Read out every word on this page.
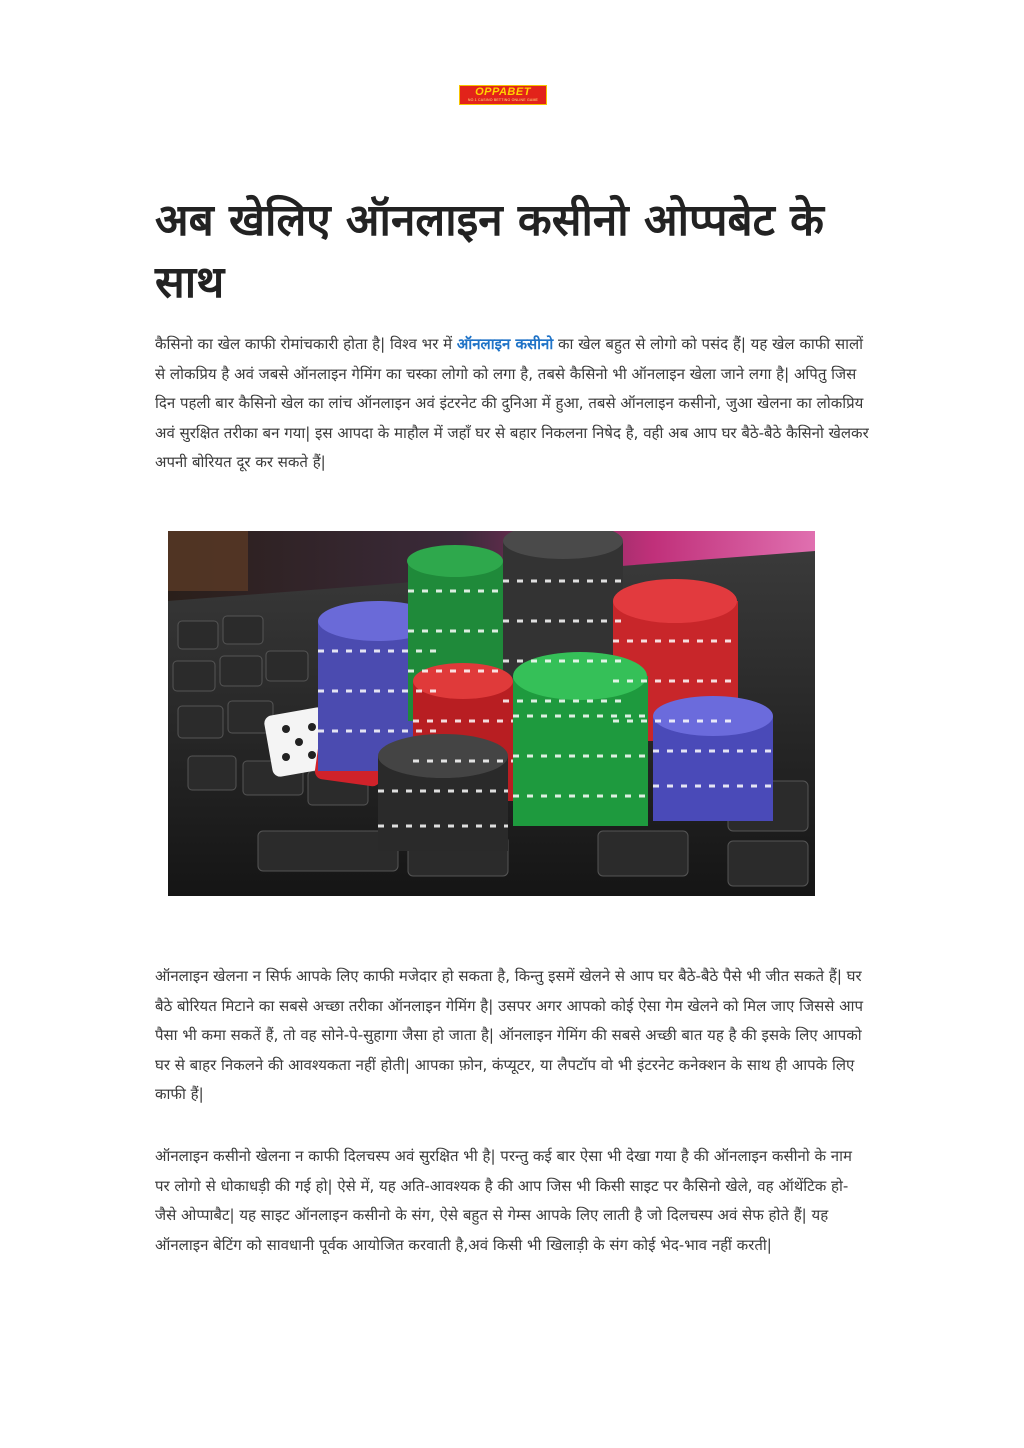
OPPABET
NO.1 CASINO BETTING ONLINE GAME
अब खेलिए ऑनलाइन कसीनो ओप्पबेट के साथ

कैसिनो का खेल काफी रोमांचकारी होता है| विश्व भर में ऑनलाइन कसीनो का खेल बहुत से लोगो को पसंद हैं| यह खेल काफी सालों से लोकप्रिय है अवं जबसे ऑनलाइन गेमिंग का चस्का लोगो को लगा है, तबसे कैसिनो भी ऑनलाइन खेला जाने लगा है| अपितु जिस दिन पहली बार कैसिनो खेल का लांच ऑनलाइन अवं इंटरनेट की दुनिआ में हुआ, तबसे ऑनलाइन कसीनो, जुआ खेलना का लोकप्रिय अवं सुरक्षित तरीका बन गया| इस आपदा के माहौल में जहाँ घर से बहार निकलना निषेद है, वही अब आप घर बैठे-बैठे कैसिनो खेलकर अपनी बोरियत दूर कर सकते हैं|

ऑनलाइन खेलना न सिर्फ आपके लिए काफी मजेदार हो सकता है, किन्तु इसमें खेलने से आप घर बैठे-बैठे पैसे भी जीत सकते हैं| घर बैठे बोरियत मिटाने का सबसे अच्छा तरीका ऑनलाइन गेमिंग है| उसपर अगर आपको कोई ऐसा गेम खेलने को मिल जाए जिससे आप पैसा भी कमा सकतें हैं, तो वह सोने-पे-सुहागा जैसा हो जाता है| ऑनलाइन गेमिंग की सबसे अच्छी बात यह है की इसके लिए आपको घर से बाहर निकलने की आवश्यकता नहीं होती| आपका फ़ोन, कंप्यूटर, या लैपटॉप वो भी इंटरनेट कनेक्शन के साथ ही आपके लिए काफी हैं|

ऑनलाइन कसीनो खेलना न काफी दिलचस्प अवं सुरक्षित भी है| परन्तु कई बार ऐसा भी देखा गया है की ऑनलाइन कसीनो के नाम पर लोगो से धोकाधड़ी की गई हो| ऐसे में, यह अति-आवश्यक है की आप जिस भी किसी साइट पर कैसिनो खेले, वह ऑथेंटिक हो- जैसे ओप्पाबैट| यह साइट ऑनलाइन कसीनो के संग, ऐसे बहुत से गेम्स आपके लिए लाती है जो दिलचस्प अवं सेफ होते हैं| यह ऑनलाइन बेटिंग को सावधानी पूर्वक आयोजित करवाती है,अवं किसी भी खिलाड़ी के संग कोई भेद-भाव नहीं करती|
